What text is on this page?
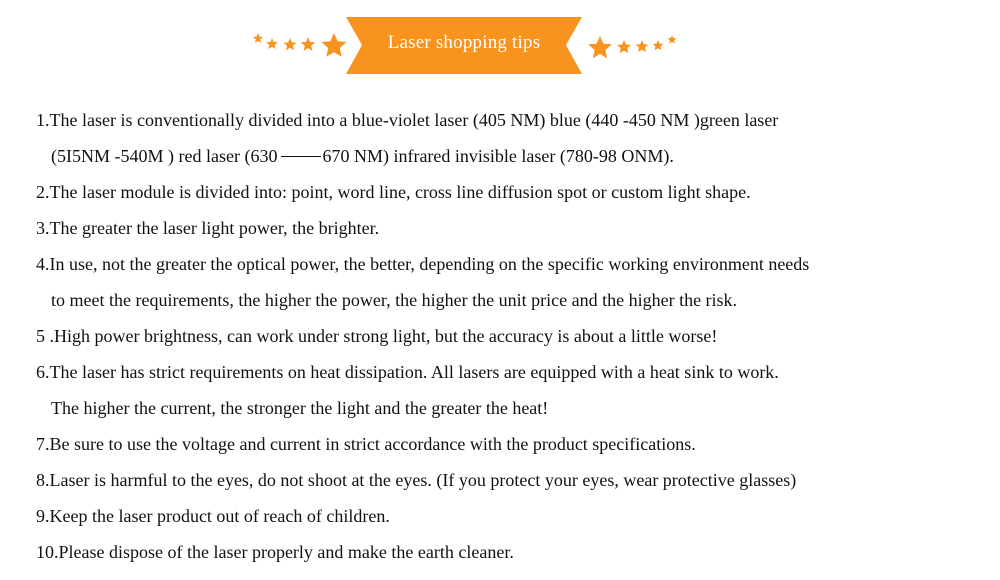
Laser shopping tips
1.The laser is conventionally divided into a blue-violet laser (405 NM) blue (440 -450 NM )green laser
(5I5NM -540M ) red laser (630	670 NM) infrared invisible laser (780-98 ONM).
2.The laser module is divided into: point, word line, cross line diffusion spot or custom light shape.
3.The greater the laser light power, the brighter.
4.In use, not the greater the optical power, the better, depending on the specific working environment needs
to meet the requirements, the higher the power, the higher the unit price and the higher the risk.
5 .High power brightness, can work under strong light, but the accuracy is about a little worse!
6.The laser has strict requirements on heat dissipation. All lasers are equipped with a heat sink to work.
The higher the current, the stronger the light and the greater the heat!
7.Be sure to use the voltage and current in strict accordance with the product specifications.
8.Laser is harmful to the eyes, do not shoot at the eyes. (If you protect your eyes, wear protective glasses)
9.Keep the laser product out of reach of children.
10.Please dispose of the laser properly and make the earth cleaner.
